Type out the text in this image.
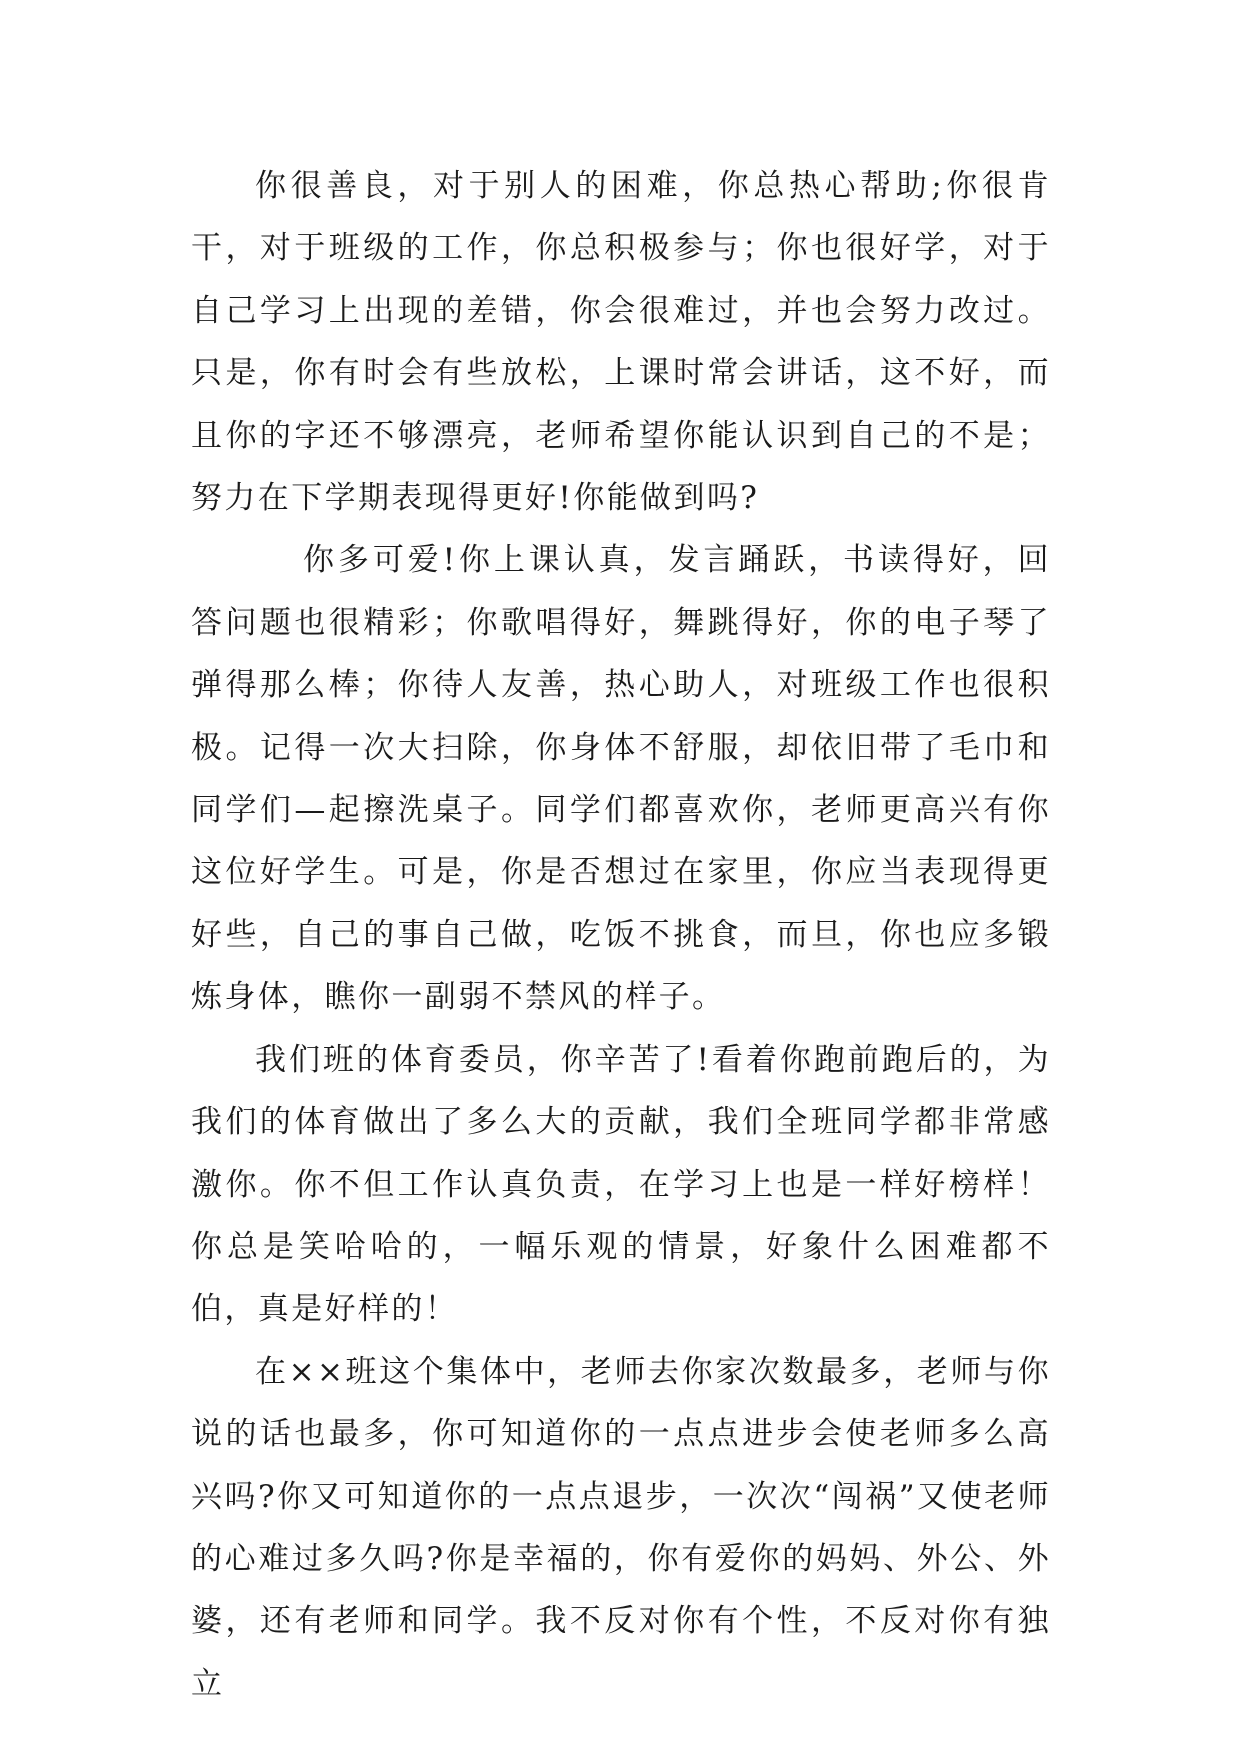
你很善良，对于别人的困难，你总热心帮助;你很肯干，对于班级的工作，你总积极参与；你也很好学，对于自己学习上出现的差错，你会很难过，并也会努力改过。只是，你有时会有些放松，上课时常会讲话，这不好，而且你的字还不够漂亮，老师希望你能认识到自己的不是；努力在下学期表现得更好!你能做到吗?

你多可爱!你上课认真，发言踊跃，书读得好，回答问题也很精彩；你歌唱得好，舞跳得好，你的电子琴了弹得那么棒；你待人友善，热心助人，对班级工作也很积极。记得一次大扫除，你身体不舒服，却依旧带了毛巾和同学们—起擦洗桌子。同学们都喜欢你，老师更高兴有你这位好学生。可是，你是否想过在家里，你应当表现得更好些，自己的事自己做，吃饭不挑食，而旦，你也应多锻炼身体，瞧你一副弱不禁风的样子。

我们班的体育委员，你辛苦了!看着你跑前跑后的，为我们的体育做出了多么大的贡献，我们全班同学都非常感激你。你不但工作认真负责，在学习上也是一样好榜样！你总是笑哈哈的，一幅乐观的情景，好象什么困难都不伯，真是好样的！

在××班这个集体中，老师去你家次数最多，老师与你说的话也最多，你可知道你的一点点进步会使老师多么高兴吗?你又可知道你的一点点退步，一次次“闯祸”又使老师的心难过多久吗?你是幸福的，你有爱你的妈妈、外公、外婆，还有老师和同学。我不反对你有个性，不反对你有独立
